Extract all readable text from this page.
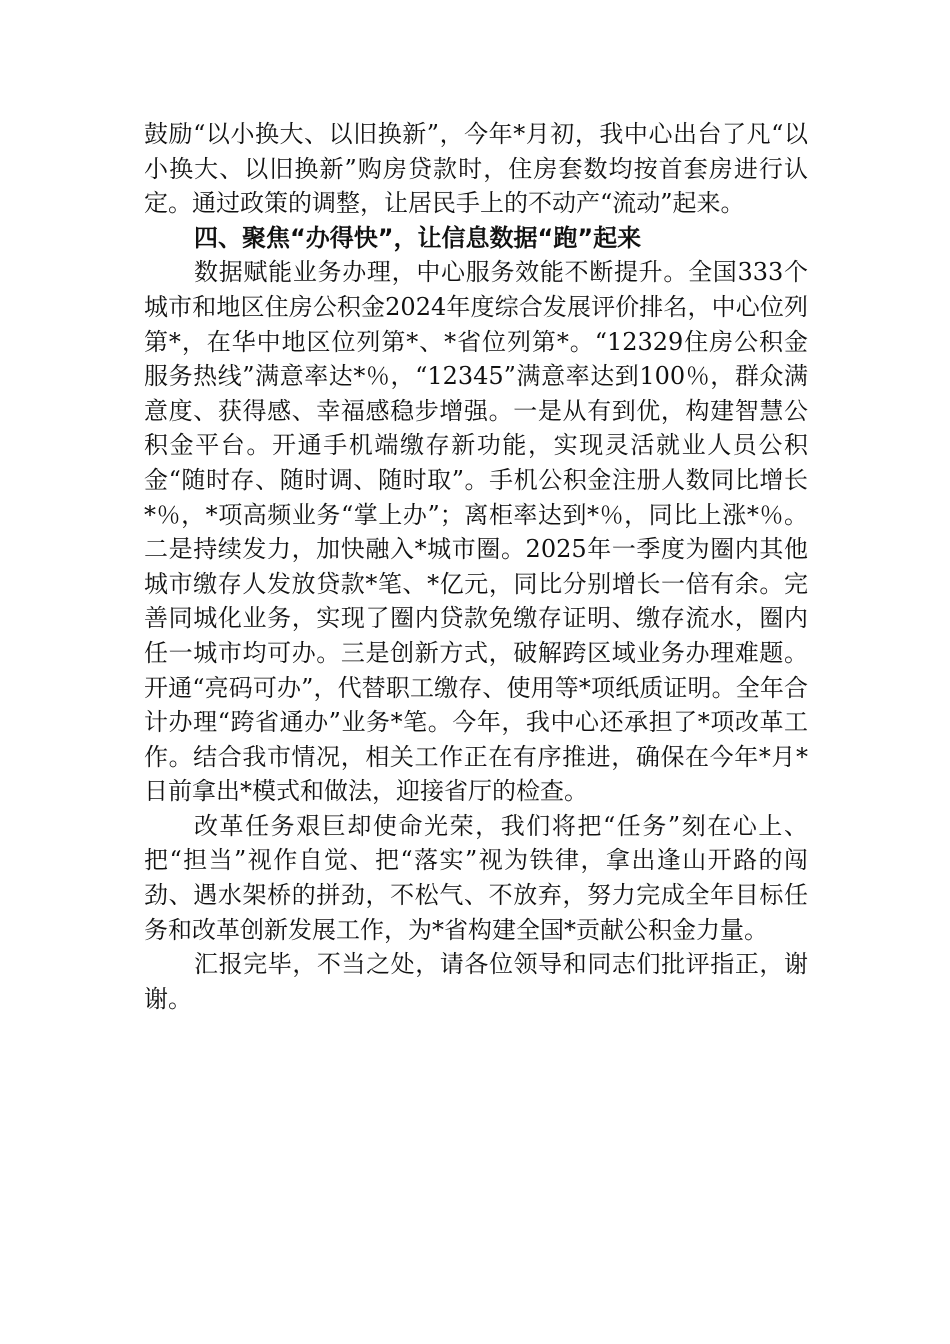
鼓励“以小换大、以旧换新”，今年*月初，我中心出台了凡“以小换大、以旧换新”购房贷款时，住房套数均按首套房进行认定。通过政策的调整，让居民手上的不动产“流动”起来。

四、聚焦“办得快”，让信息数据“跑”起来

数据赋能业务办理，中心服务效能不断提升。全国333个城市和地区住房公积金2024年度综合发展评价排名，中心位列第*，在华中地区位列第*、*省位列第*。“12329住房公积金服务热线”满意率达*％，“12345”满意率达到100％，群众满意度、获得感、幸福感稳步增强。一是从有到优，构建智慧公积金平台。开通手机端缴存新功能，实现灵活就业人员公积金“随时存、随时调、随时取”。手机公积金注册人数同比增长*％，*项高频业务“掌上办”；离柜率达到*％，同比上涨*％。二是持续发力，加快融入*城市圈。2025年一季度为圈内其他城市缴存人发放贷款*笔、*亿元，同比分别增长一倍有余。完善同城化业务，实现了圈内贷款免缴存证明、缴存流水，圈内任一城市均可办。三是创新方式，破解跨区域业务办理难题。开通“亮码可办”，代替职工缴存、使用等*项纸质证明。全年合计办理“跨省通办”业务*笔。今年，我中心还承担了*项改革工作。结合我市情况，相关工作正在有序推进，确保在今年*月*日前拿出*模式和做法，迎接省厅的检查。

改革任务艰巨却使命光荣，我们将把“任务”刻在心上、把“担当”视作自觉、把“落实”视为铁律，拿出逢山开路的闯劲、遇水架桥的拼劲，不松气、不放弃，努力完成全年目标任务和改革创新发展工作，为*省构建全国*贡献公积金力量。

汇报完毕，不当之处，请各位领导和同志们批评指正，谢谢。
